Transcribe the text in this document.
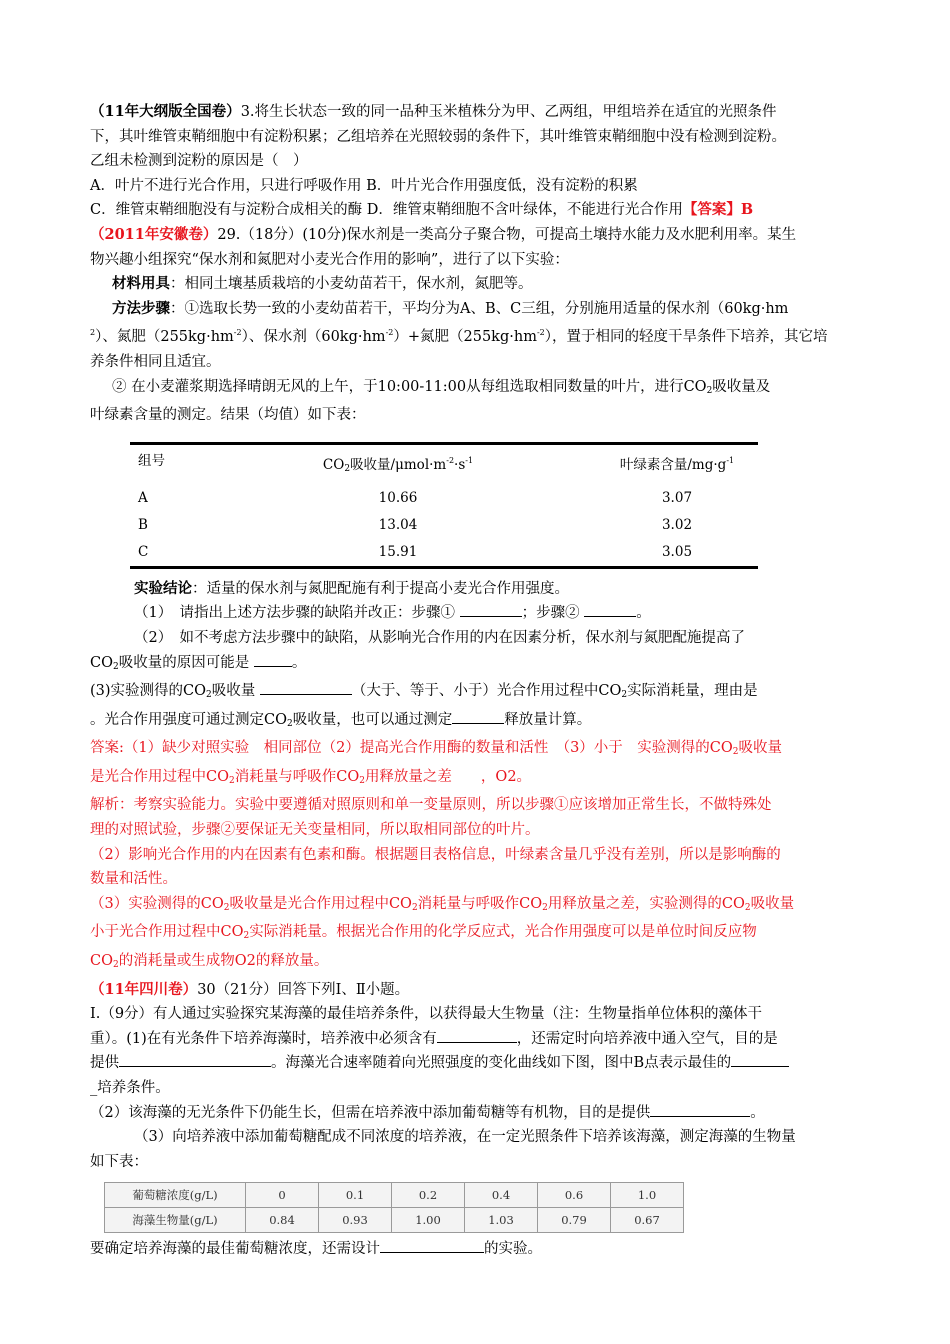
（11年大纲版全国卷）3.将生长状态一致的同一品种玉米植株分为甲、乙两组，甲组培养在适宜的光照条件

下，其叶维管束鞘细胞中有淀粉积累；乙组培养在光照较弱的条件下，其叶维管束鞘细胞中没有检测到淀粉。

乙组未检测到淀粉的原因是（　）

A．叶片不进行光合作用，只进行呼吸作用 B．叶片光合作用强度低，没有淀粉的积累

C．维管束鞘细胞没有与淀粉合成相关的酶 D．维管束鞘细胞不含叶绿体，不能进行光合作用【答案】B

（2011年安徽卷）29.（18分）(10分)保水剂是一类高分子聚合物，可提高土壤持水能力及水肥利用率。某生

物兴趣小组探究“保水剂和氮肥对小麦光合作用的影响”，进行了以下实验：

材料用具：相同土壤基质栽培的小麦幼苗若干，保水剂，氮肥等。

方法步骤：①选取长势一致的小麦幼苗若干，平均分为A、B、C三组，分别施用适量的保水剂（60kg·hm

$^2$）、氮肥$(255kg\cdot hm^{-2})$、保水剂$(60kg\cdot hm^{-2})+$氮肥$(255kg\cdot hm^{-2})$，置于相同的轻度干旱条件下培养，其它培

养条件相同且适宜。

② 在小麦灌浆期选择晴朗无风的上午，于10:00-11:00从每组选取相同数量的叶片，进行$CO_2$吸收量及

叶绿素含量的测定。结果（均值）如下表：

组号	$CO_2$吸收量$/\mu mol\cdot m^{-2}\cdot s^{-1}$	叶绿素含量$/mg\cdot g^{-1}$
A	10.66	3.07
B	13.04	3.02
C	15.91	3.05

实验结论：适量的保水剂与氮肥配施有利于提高小麦光合作用强度。

（1）　请指出上述方法步骤的缺陷并改正：步骤①	；步骤②	。

（2）　如不考虑方法步骤中的缺陷，从影响光合作用的内在因素分析，保水剂与氮肥配施提高了

$CO_2$吸收量的原因可能是	。

(3)实验测得的$CO_2$吸收量	（大于、等于、小于）光合作用过程中$CO_2$实际消耗量，理由是

。光合作用强度可通过测定$CO_2$吸收量，也可以通过测定	释放量计算。

答案:（1）缺少对照实验　相同部位（2）提高光合作用酶的数量和活性　（3）小于　实验测得的$CO_2$吸收量

是光合作用过程中$CO_2$消耗量与呼吸作$CO_2$用释放量之差　　，O2。

解析：考察实验能力。实验中要遵循对照原则和单一变量原则，所以步骤①应该增加正常生长，不做特殊处

理的对照试验，步骤②要保证无关变量相同，所以取相同部位的叶片。

（2）影响光合作用的内在因素有色素和酶。根据题目表格信息，叶绿素含量几乎没有差别，所以是影响酶的

数量和活性。

（3）实验测得的$CO_2$吸收量是光合作用过程中$CO_2$消耗量与呼吸作$CO_2$用释放量之差，实验测得的$CO_2$吸收量

小于光合作用过程中$CO_2$实际消耗量。根据光合作用的化学反应式，光合作用强度可以是单位时间反应物

$CO_2$的消耗量或生成物O2的释放量。

（11年四川卷）30（21分）回答下列Ⅰ、Ⅱ小题。

Ⅰ.（9分）有人通过实验探究某海藻的最佳培养条件，以获得最大生物量（注：生物量指单位体积的藻体干

重）。(1)在有光条件下培养海藻时，培养液中必须含有	，还需定时向培养液中通入空气，目的是

提供	。海藻光合速率随着向光照强度的变化曲线如下图，图中B点表示最佳的

_培养条件。

（2）该海藻的无光条件下仍能生长，但需在培养液中添加葡萄糖等有机物，目的是提供	。

（3）向培养液中添加葡萄糖配成不同浓度的培养液，在一定光照条件下培养该海藻，测定海藻的生物量

如下表：

葡萄糖浓度(g/L)	0	0.1	0.2	0.4	0.6	1.0
海藻生物量(g/L)	0.84	0.93	1.00	1.03	0.79	0.67

要确定培养海藻的最佳葡萄糖浓度，还需设计	的实验。
